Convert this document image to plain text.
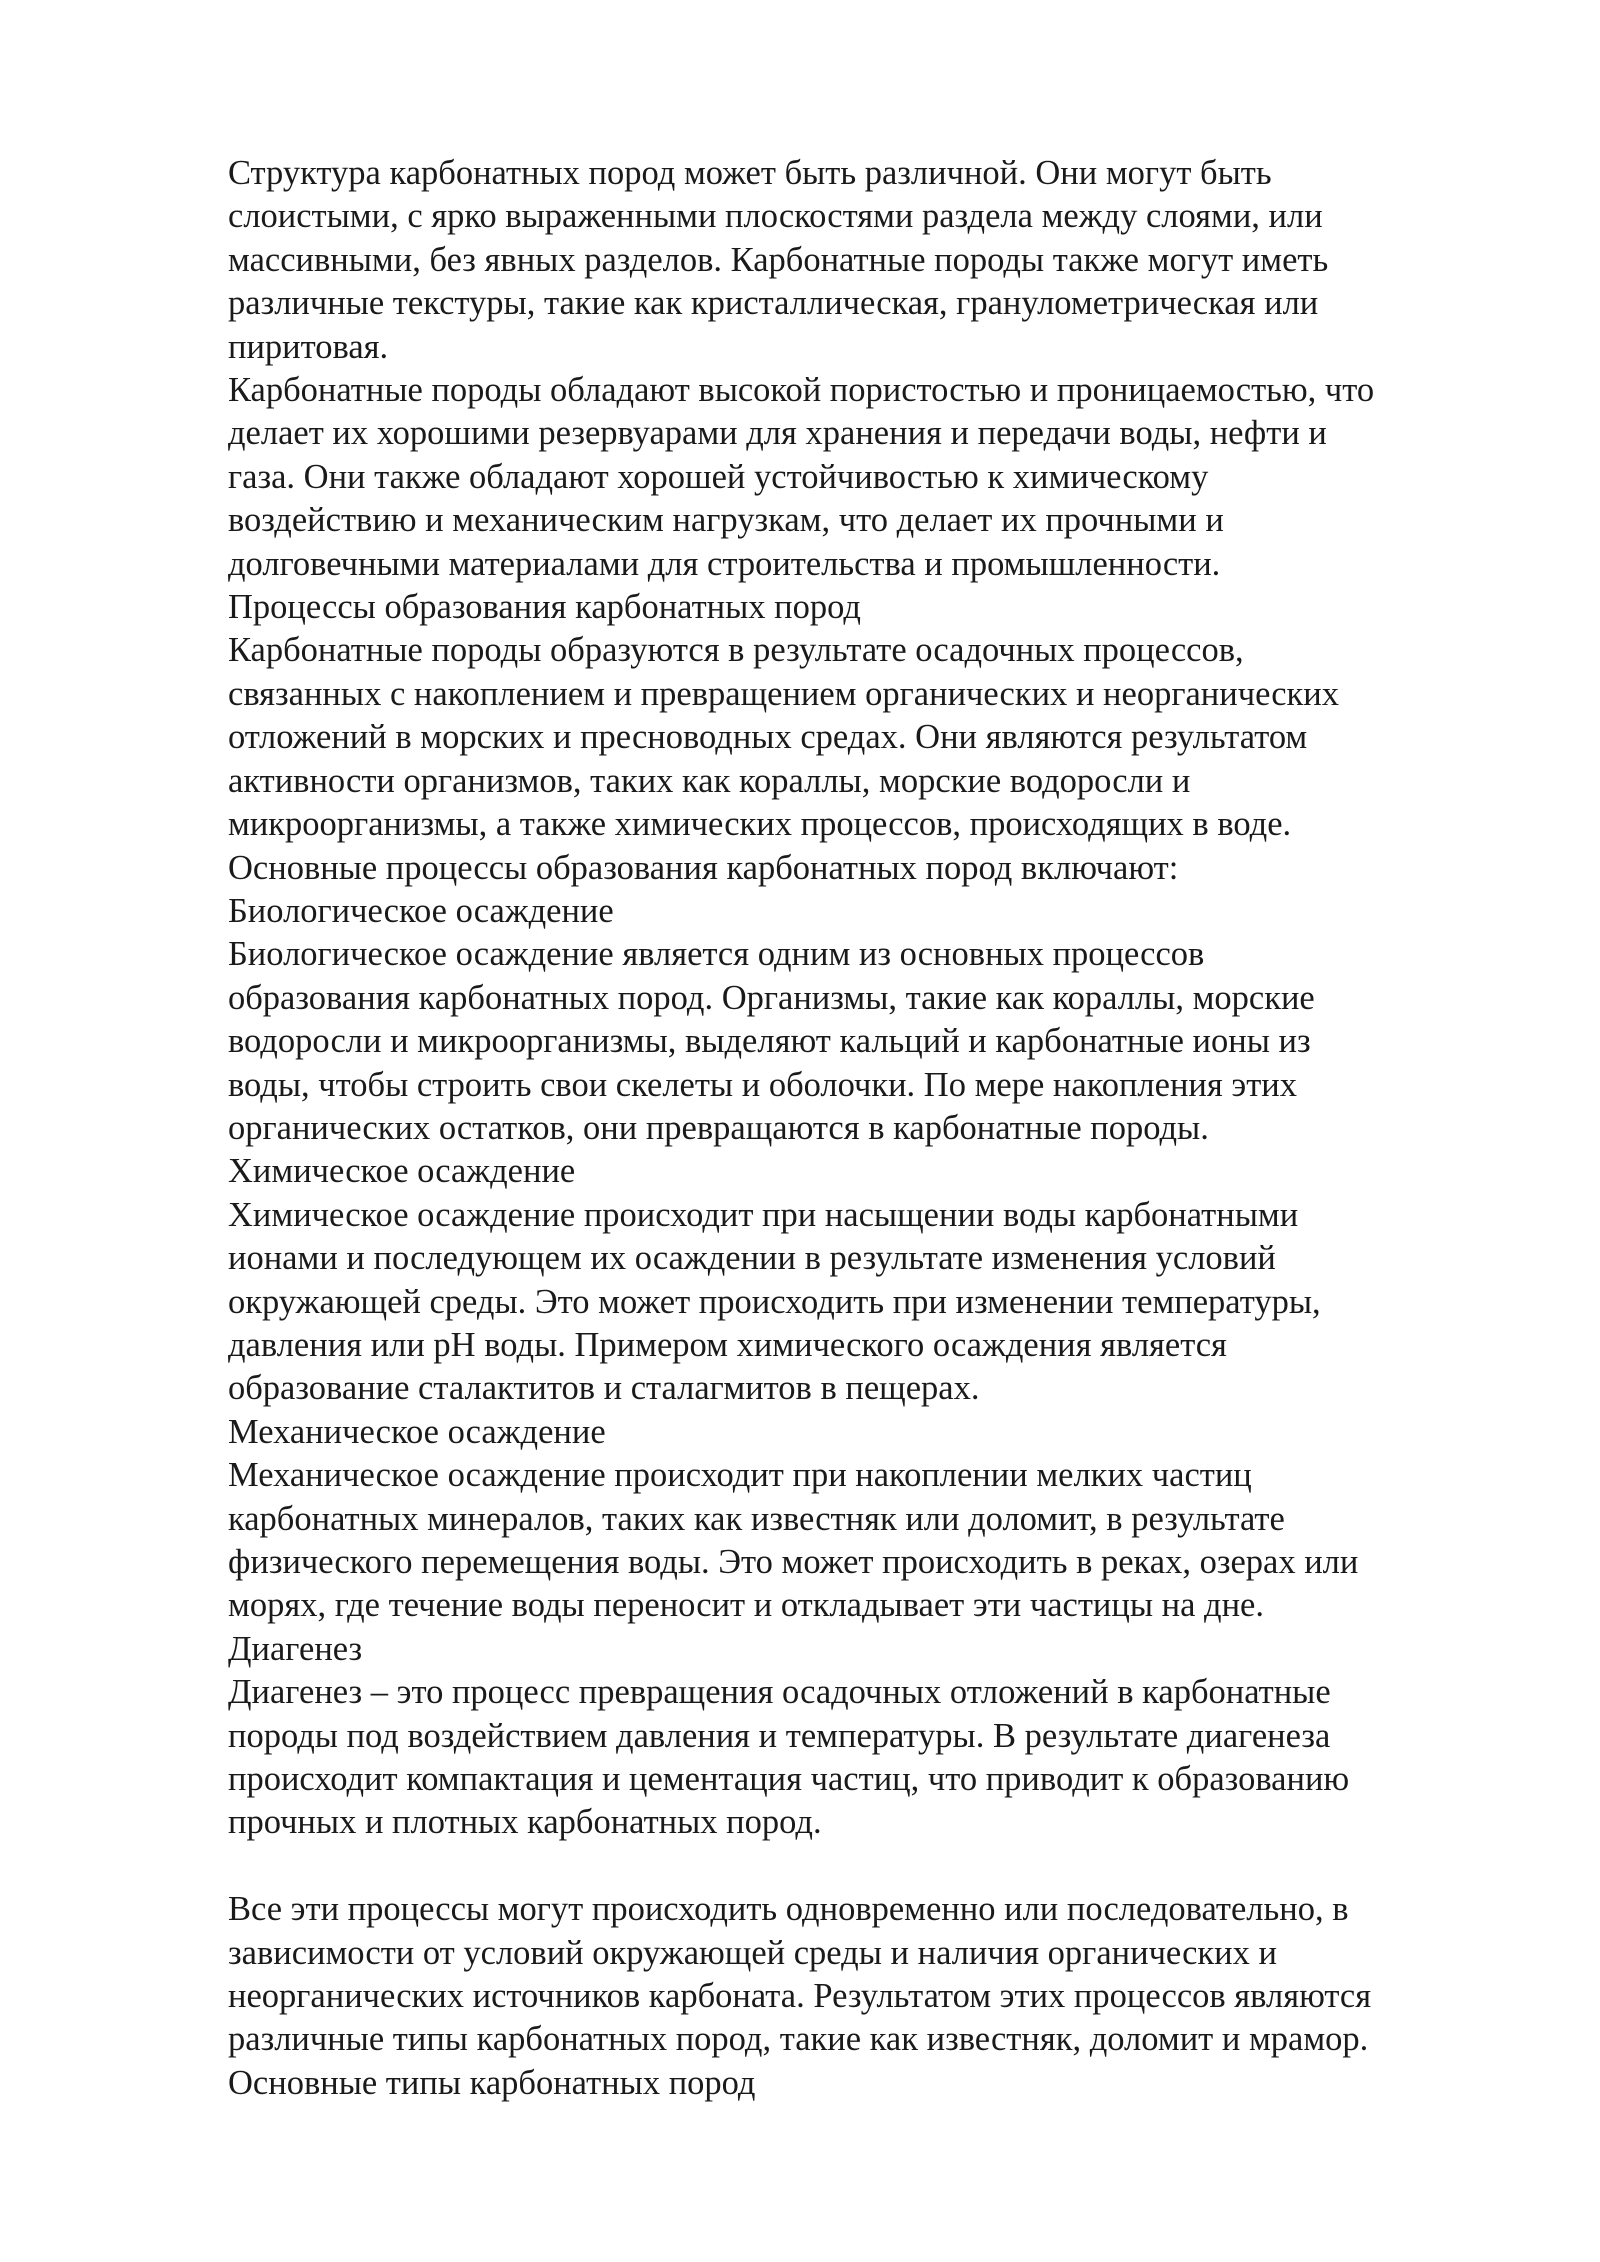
Структура карбонатных пород может быть различной. Они могут быть
слоистыми, с ярко выраженными плоскостями раздела между слоями, или
массивными, без явных разделов. Карбонатные породы также могут иметь
различные текстуры, такие как кристаллическая, гранулометрическая или
пиритовая.

Карбонатные породы обладают высокой пористостью и проницаемостью, что
делает их хорошими резервуарами для хранения и передачи воды, нефти и
газа. Они также обладают хорошей устойчивостью к химическому
воздействию и механическим нагрузкам, что делает их прочными и
долговечными материалами для строительства и промышленности.

Процессы образования карбонатных пород

Карбонатные породы образуются в результате осадочных процессов,
связанных с накоплением и превращением органических и неорганических
отложений в морских и пресноводных средах. Они являются результатом
активности организмов, таких как кораллы, морские водоросли и
микроорганизмы, а также химических процессов, происходящих в воде.

Основные процессы образования карбонатных пород включают:

Биологическое осаждение

Биологическое осаждение является одним из основных процессов
образования карбонатных пород. Организмы, такие как кораллы, морские
водоросли и микроорганизмы, выделяют кальций и карбонатные ионы из
воды, чтобы строить свои скелеты и оболочки. По мере накопления этих
органических остатков, они превращаются в карбонатные породы.

Химическое осаждение

Химическое осаждение происходит при насыщении воды карбонатными
ионами и последующем их осаждении в результате изменения условий
окружающей среды. Это может происходить при изменении температуры,
давления или pH воды. Примером химического осаждения является
образование сталактитов и сталагмитов в пещерах.

Механическое осаждение

Механическое осаждение происходит при накоплении мелких частиц
карбонатных минералов, таких как известняк или доломит, в результате
физического перемещения воды. Это может происходить в реках, озерах или
морях, где течение воды переносит и откладывает эти частицы на дне.

Диагенез

Диагенез – это процесс превращения осадочных отложений в карбонатные
породы под воздействием давления и температуры. В результате диагенеза
происходит компактация и цементация частиц, что приводит к образованию
прочных и плотных карбонатных пород.

Все эти процессы могут происходить одновременно или последовательно, в
зависимости от условий окружающей среды и наличия органических и
неорганических источников карбоната. Результатом этих процессов являются
различные типы карбонатных пород, такие как известняк, доломит и мрамор.

Основные типы карбонатных пород
